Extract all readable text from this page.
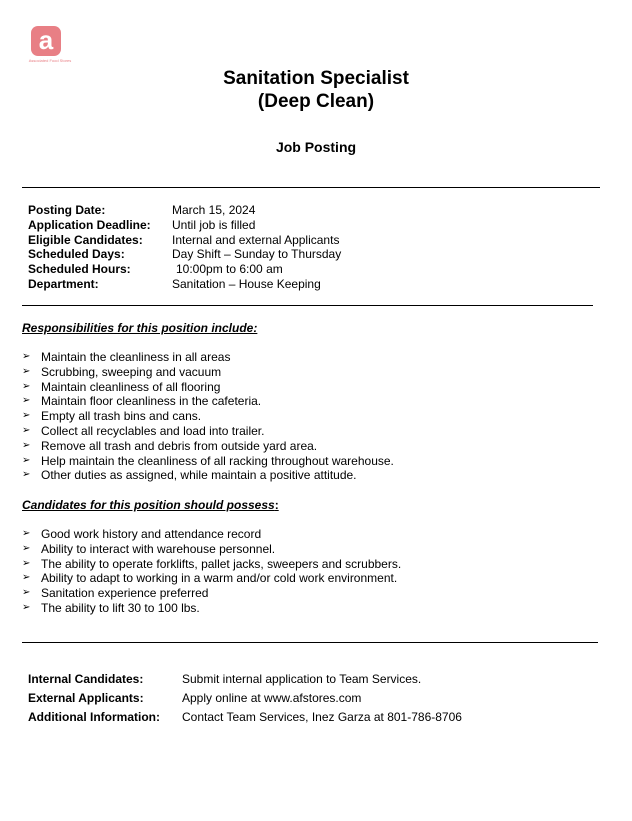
a
Associated Food Stores
Sanitation Specialist
(Deep Clean)
Job Posting
Posting Date:	March 15, 2024
Application Deadline:	Until job is filled
Eligible Candidates:	Internal and external Applicants
Scheduled Days:	Day Shift – Sunday to Thursday
Scheduled Hours:	10:00pm to 6:00 am
Department:	Sanitation – House Keeping
Responsibilities for this position include:
➢ Maintain the cleanliness in all areas
➢ Scrubbing, sweeping and vacuum
➢ Maintain cleanliness of all flooring
➢ Maintain floor cleanliness in the cafeteria.
➢ Empty all trash bins and cans.
➢ Collect all recyclables and load into trailer.
➢ Remove all trash and debris from outside yard area.
➢ Help maintain the cleanliness of all racking throughout warehouse.
➢ Other duties as assigned, while maintain a positive attitude.
Candidates for this position should possess:
➢ Good work history and attendance record
➢ Ability to interact with warehouse personnel.
➢ The ability to operate forklifts, pallet jacks, sweepers and scrubbers.
➢ Ability to adapt to working in a warm and/or cold work environment.
➢ Sanitation experience preferred
➢ The ability to lift 30 to 100 lbs.
Internal Candidates:	Submit internal application to Team Services.
External Applicants:	Apply online at www.afstores.com
Additional Information:	Contact Team Services, Inez Garza at 801-786-8706
